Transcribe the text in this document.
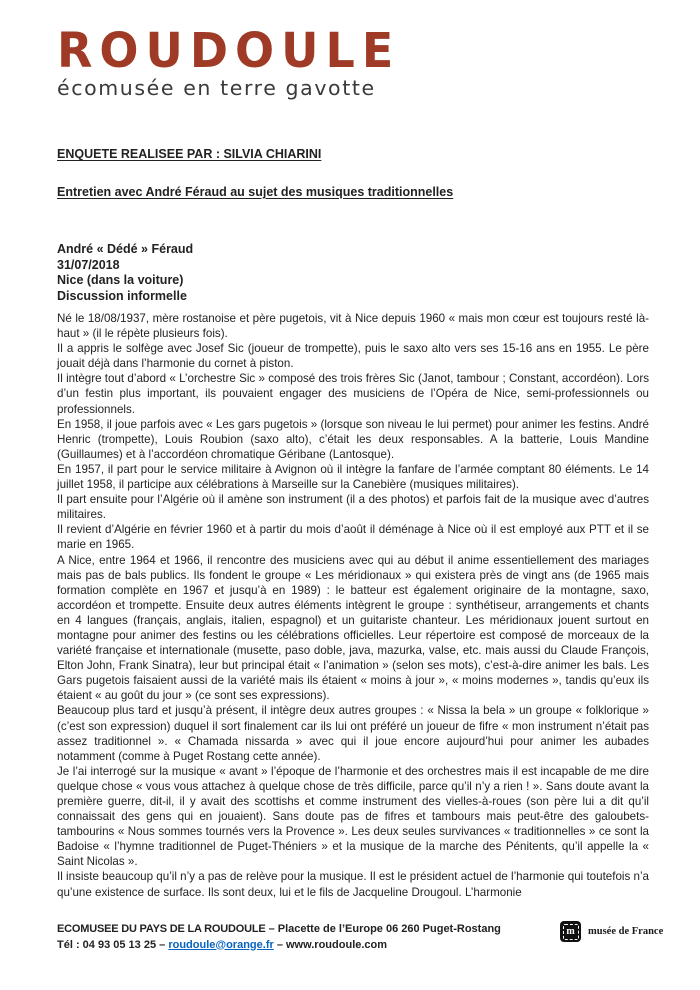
ROUDOULE
écomusée en terre gavotte
ENQUETE REALISEE PAR : SILVIA CHIARINI
Entretien avec André Féraud au sujet des musiques traditionnelles
André « Dédé » Féraud
31/07/2018
Nice (dans la voiture)
Discussion informelle

Né le 18/08/1937, mère rostanoise et père pugetois, vit à Nice depuis 1960 « mais mon cœur est toujours resté là-haut » (il le répète plusieurs fois).

Il a appris le solfège avec Josef Sic (joueur de trompette), puis le saxo alto vers ses 15-16 ans en 1955. Le père jouait déjà dans l’harmonie du cornet à piston.

Il intègre tout d’abord « L’orchestre Sic » composé des trois frères Sic (Janot, tambour ; Constant, accordéon). Lors d’un festin plus important, ils pouvaient engager des musiciens de l’Opéra de Nice, semi-professionnels ou professionnels.

En 1958, il joue parfois avec « Les gars pugetois » (lorsque son niveau le lui permet) pour animer les festins. André Henric (trompette), Louis Roubion (saxo alto), c’était les deux responsables. A la batterie, Louis Mandine (Guillaumes) et à l’accordéon chromatique Géribane (Lantosque).

En 1957, il part pour le service militaire à Avignon où il intègre la fanfare de l’armée comptant 80 éléments. Le 14 juillet 1958, il participe aux célébrations à Marseille sur la Canebière (musiques militaires).

Il part ensuite pour l’Algérie où il amène son instrument (il a des photos) et parfois fait de la musique avec d’autres militaires.

Il revient d’Algérie en février 1960 et à partir du mois d’août il déménage à Nice où il est employé aux PTT et il se marie en 1965.

A Nice, entre 1964 et 1966, il rencontre des musiciens avec qui au début il anime essentiellement des mariages mais pas de bals publics. Ils fondent le groupe « Les méridionaux » qui existera près de vingt ans (de 1965 mais formation complète en 1967 et jusqu’à en 1989) : le batteur est également originaire de la montagne, saxo, accordéon et trompette. Ensuite deux autres éléments intègrent le groupe : synthétiseur, arrangements et chants en 4 langues (français, anglais, italien, espagnol) et un guitariste chanteur. Les méridionaux jouent surtout en montagne pour animer des festins ou les célébrations officielles. Leur répertoire est composé de morceaux de la variété française et internationale (musette, paso doble, java, mazurka, valse, etc. mais aussi du Claude François, Elton John, Frank Sinatra), leur but principal était « l’animation » (selon ses mots), c’est-à-dire animer les bals. Les Gars pugetois faisaient aussi de la variété mais ils étaient « moins à jour », « moins modernes », tandis qu’eux ils étaient « au goût du jour » (ce sont ses expressions).

Beaucoup plus tard et jusqu’à présent, il intègre deux autres groupes : « Nissa la bela » un groupe « folklorique » (c’est son expression) duquel il sort finalement car ils lui ont préféré un joueur de fifre « mon instrument n’était pas assez traditionnel ». « Chamada nissarda » avec qui il joue encore aujourd’hui pour animer les aubades notamment (comme à Puget Rostang cette année).

Je l’ai interrogé sur la musique « avant » l’époque de l’harmonie et des orchestres mais il est incapable de me dire quelque chose « vous vous attachez à quelque chose de très difficile, parce qu’il n’y a rien ! ». Sans doute avant la première guerre, dit-il, il y avait des scottishs et comme instrument des vielles-à-roues (son père lui a dit qu’il connaissait des gens qui en jouaient). Sans doute pas de fifres et tambours mais peut-être des galoubets-tambourins « Nous sommes tournés vers la Provence ». Les deux seules survivances « traditionnelles » ce sont la Badoise « l’hymne traditionnel de Puget-Théniers » et la musique de la marche des Pénitents, qu’il appelle la « Saint Nicolas ».

Il insiste beaucoup qu’il n’y a pas de relève pour la musique. Il est le président actuel de l’harmonie qui toutefois n’a qu’une existence de surface. Ils sont deux, lui et le fils de Jacqueline Drougoul. L’harmonie

ECOMUSEE DU PAYS DE LA ROUDOULE – Placette de l’Europe 06 260 Puget-Rostang
Tél : 04 93 05 13 25 – roudoule@orange.fr – www.roudoule.com
m	musée de France
